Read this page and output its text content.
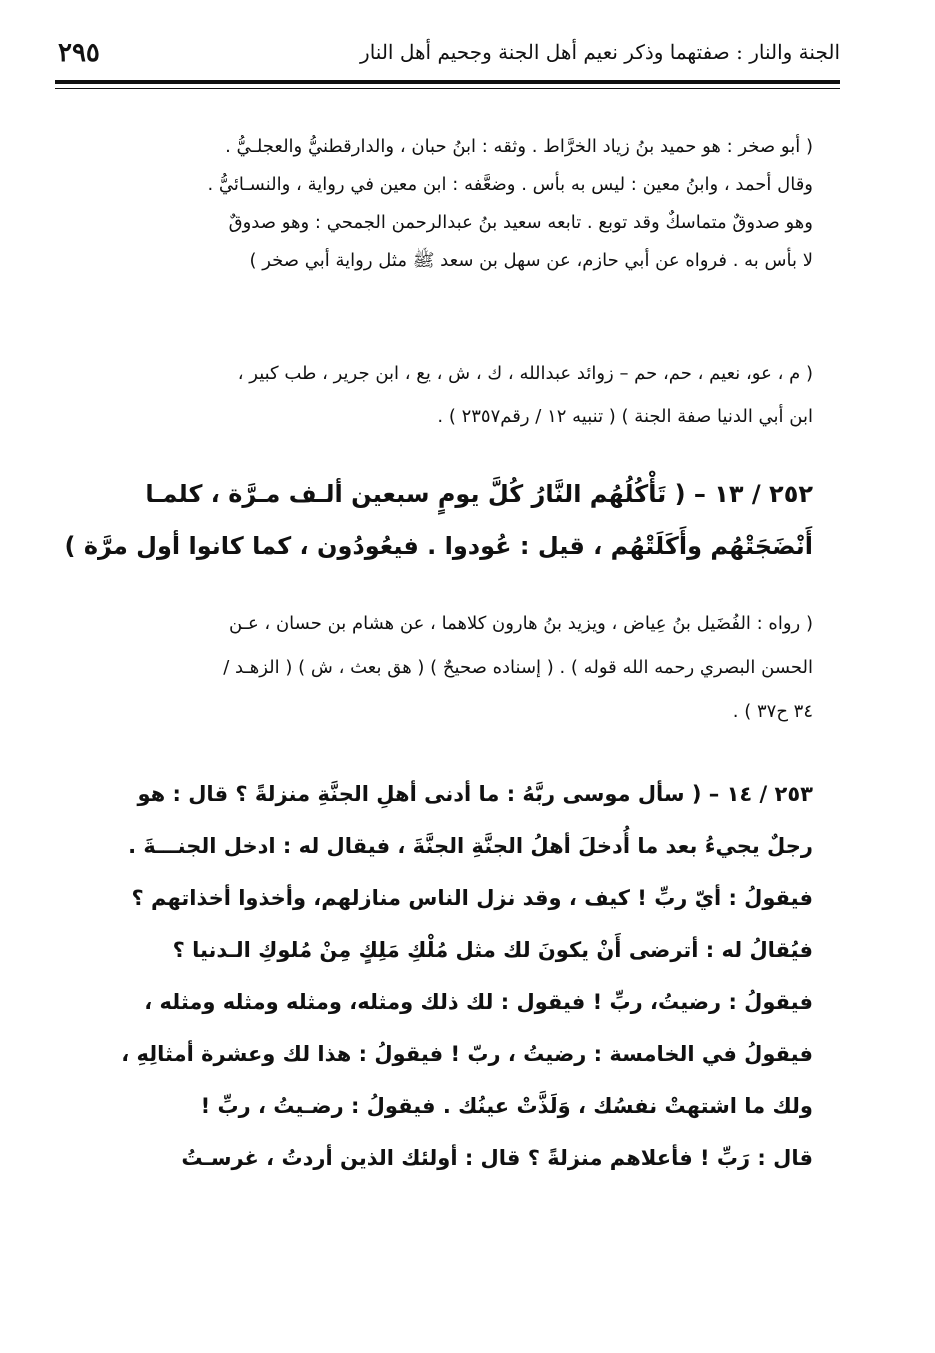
الجنة والنار : صفتهما وذكر نعيم أهل الجنة وجحيم أهل النار
٢٩٥
( أبو صخر : هو حميد بنُ زياد الخرَّاط . وثقه : ابنُ حبان ، والدارقطنيُّ والعجلـيُّ .
وقال أحمد ، وابنُ معين : ليس به بأس . وضعَّفه : ابن معين في رواية ، والنسـائيُّ .
وهو صدوقٌ متماسكٌ وقد توبع . تابعه سعيد بنُ عبدالرحمن الجمحي : وهو صدوقٌ
لا بأس به . فرواه عن أبي حازم، عن سهل بن سعد ﷺ مثل رواية أبي صخر )
( م ، عو، نعيم ، حم، حم – زوائد عبدالله ، ك ، ش ، يع ، ابن جرير ، طب كبير ،
ابن أبي الدنيا صفة الجنة ) ( تنبيه ١٢ / رقم٢٣٥٧ ) .
٢٥٢ / ١٣ – ( تَأْكُلُهُم النَّارُ كُلَّ يومٍ سبعين ألـف مـرَّة ، كلمـا
أَنْضَجَتْهُم وأَكَلَتْهُم ، قيل : عُودوا . فيعُودُون ، كما كانوا أول مرَّة )
( رواه : الفُضَيل بنُ عِياض ، ويزيد بنُ هارون كلاهما ، عن هشام بن حسان ، عـن
الحسن البصري رحمه الله قوله ) . ( إسناده صحيحٌ ) ( هق بعث ، ش ) ( الزهـد /
٣٤ ح٣٧ ) .
٢٥٣ / ١٤ – ( سأل موسى ربَّهُ : ما أدنى أهلِ الجنَّةِ منزلةً ؟ قال : هو
رجلٌ يجيءُ بعد ما أُدخلَ أهلُ الجنَّةِ الجنَّةَ ، فيقال له : ادخل الجنـــةَ .
فيقولُ : أيّ ربِّ ! كيف ، وقد نزل الناس منازلهم، وأخذوا أخذاتهم ؟
فيُقالُ له : أترضى أَنْ يكونَ لك مثل مُلْكِ مَلِكٍ مِنْ مُلوكِ الـدنيا ؟
فيقولُ : رضيتُ، ربِّ ! فيقول : لك ذلك ومثله، ومثله ومثله ومثله ،
فيقولُ في الخامسة : رضيتُ ، ربّ ! فيقولُ : هذا لك وعشرة أمثالِهِ ،
ولك ما اشتهتْ نفسُك ، وَلَذَّتْ عينُك . فيقولُ : رضـيتُ ، ربِّ !
قال : رَبِّ ! فأعلاهم منزلةً ؟ قال : أولئك الذين أردتُ ، غرسـتُ
